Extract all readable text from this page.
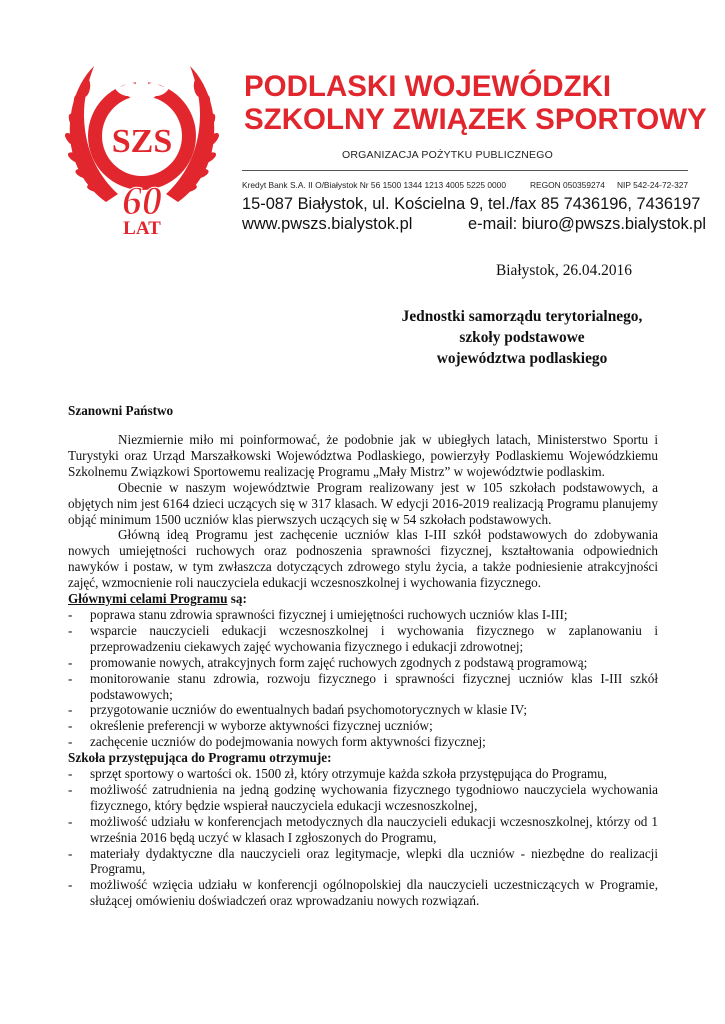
SZS
60
LAT
PODLASKI WOJEWÓDZKI
SZKOLNY ZWIĄZEK SPORTOWY
ORGANIZACJA POŻYTKU PUBLICZNEGO
Kredyt Bank S.A. II O/Białystok Nr 56 1500 1344 1213 4005 5225 0000	REGON 050359274 NIP 542-24-72-327
15-087 Białystok, ul. Kościelna 9, tel./fax 85 7436196, 7436197
www.pwszs.bialystok.pl	e-mail: biuro@pwszs.bialystok.pl
Białystok, 26.04.2016
Jednostki samorządu terytorialnego,
szkoły podstawowe
województwa podlaskiego
Szanowni Państwo

Niezmiernie miło mi poinformować, że podobnie jak w ubiegłych latach, Ministerstwo Sportu i Turystyki oraz Urząd Marszałkowski Województwa Podlaskiego, powierzyły Podlaskiemu Wojewódzkiemu Szkolnemu Związkowi Sportowemu realizację Programu „Mały Mistrz” w województwie podlaskim.

Obecnie w naszym województwie Program realizowany jest w 105 szkołach podstawowych, a objętych nim jest 6164 dzieci uczących się w 317 klasach. W edycji 2016-2019 realizacją Programu planujemy objąć minimum 1500 uczniów klas pierwszych uczących się w 54 szkołach podstawowych.

Główną ideą Programu jest zachęcenie uczniów klas I-III szkół podstawowych do zdobywania nowych umiejętności ruchowych oraz podnoszenia sprawności fizycznej, kształtowania odpowiednich nawyków i postaw, w tym zwłaszcza dotyczących zdrowego stylu życia, a także podniesienie atrakcyjności zajęć, wzmocnienie roli nauczyciela edukacji wczesnoszkolnej i wychowania fizycznego.

Głównymi celami Programu są:

- poprawa stanu zdrowia sprawności fizycznej i umiejętności ruchowych uczniów klas I-III;
- wsparcie nauczycieli edukacji wczesnoszkolnej i wychowania fizycznego w zaplanowaniu i przeprowadzeniu ciekawych zajęć wychowania fizycznego i edukacji zdrowotnej;
- promowanie nowych, atrakcyjnych form zajęć ruchowych zgodnych z podstawą programową;
- monitorowanie stanu zdrowia, rozwoju fizycznego i sprawności fizycznej uczniów klas I-III szkół podstawowych;
- przygotowanie uczniów do ewentualnych badań psychomotorycznych w klasie IV;
- określenie preferencji w wyborze aktywności fizycznej uczniów;
- zachęcenie uczniów do podejmowania nowych form aktywności fizycznej;

Szkoła przystępująca do Programu otrzymuje:

- sprzęt sportowy o wartości ok. 1500 zł, który otrzymuje każda szkoła przystępująca do Programu,
- możliwość zatrudnienia na jedną godzinę wychowania fizycznego tygodniowo nauczyciela wychowania fizycznego, który będzie wspierał nauczyciela edukacji wczesnoszkolnej,
- możliwość udziału w konferencjach metodycznych dla nauczycieli edukacji wczesnoszkolnej, którzy od 1 września 2016 będą uczyć w klasach I zgłoszonych do Programu,
- materiały dydaktyczne dla nauczycieli oraz legitymacje, wlepki dla uczniów - niezbędne do realizacji Programu,
- możliwość wzięcia udziału w konferencji ogólnopolskiej dla nauczycieli uczestniczących w Programie, służącej omówieniu doświadczeń oraz wprowadzaniu nowych rozwiązań.
